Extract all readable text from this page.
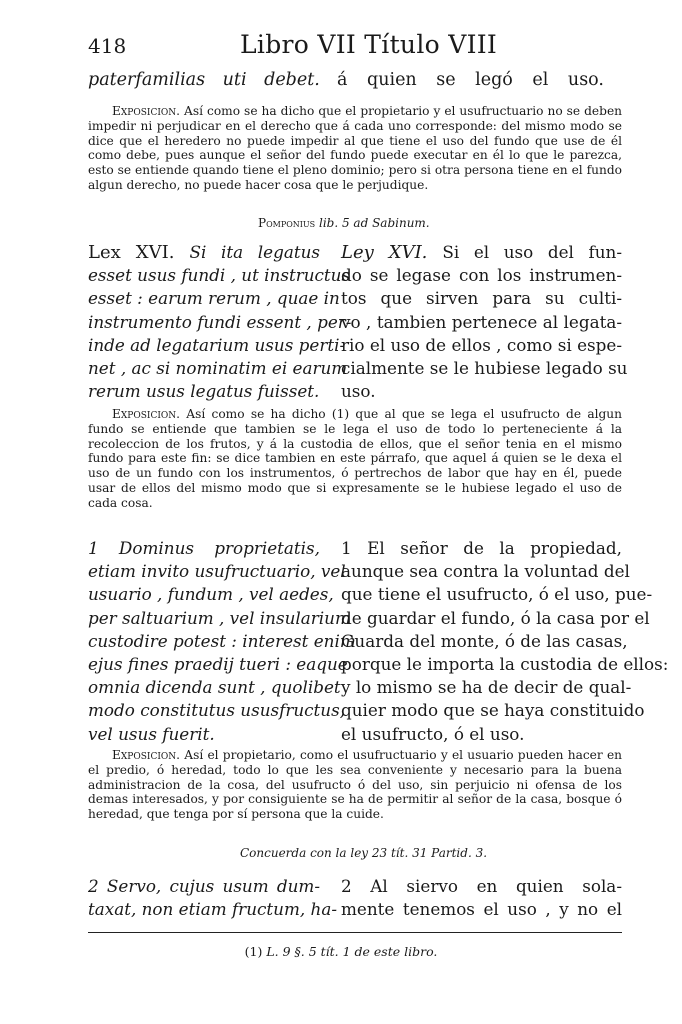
418	Libro VII Título VIII
paterfamilias uti debet. á quien se legó el uso.
Exposicion. Así como se ha dicho que el propietario y el usufructuario no se deben impedir ni perjudicar en el derecho que á cada uno corresponde: del mismo modo se dice que el heredero no puede impedir al que tiene el uso del fundo que use de él como debe, pues aunque el señor del fundo puede executar en él lo que le parezca, esto se entiende quando tiene el pleno dominio; pero si otra persona tiene en el fundo algun derecho, no puede hacer cosa que le perjudique.
Pomponius lib. 5 ad Sabinum.
Lex XVI. Si ita legatus
esset usus fundi , ut instructus
esset : earum rerum , quae in
instrumento fundi essent , per-
inde ad legatarium usus perti-
net , ac si nominatim ei earum
rerum usus legatus fuisset.
Ley XVI. Si el uso del fun-
do se legase con los instrumen-
tos que sirven para su culti-
vo , tambien pertenece al legata-
rio el uso de ellos , como si espe-
cialmente se le hubiese legado su
uso.
Exposicion. Así como se ha dicho (1) que al que se lega el usufructo de algun fundo se entiende que tambien se le lega el uso de todo lo perteneciente á la recoleccion de los frutos, y á la custodia de ellos, que el señor tenia en el mismo fundo para este fin: se dice tambien en este párrafo, que aquel á quien se le dexa el uso de un fundo con los instrumentos, ó pertrechos de labor que hay en él, puede usar de ellos del mismo modo que si expresamente se le hubiese legado el uso de cada cosa.
1 Dominus proprietatis,
etiam invito usufructuario, vel
usuario , fundum , vel aedes,
per saltuarium , vel insularium
custodire potest : interest enim
ejus fines praedij tueri : eaque
omnia dicenda sunt , quolibet
modo constitutus ususfructus,
vel usus fuerit.
1 El señor de la propiedad,
aunque sea contra la voluntad del
que tiene el usufructo, ó el uso, pue-
de guardar el fundo, ó la casa por el
Guarda del monte, ó de las casas,
porque le importa la custodia de ellos:
y lo mismo se ha de decir de qual-
quier modo que se haya constituido
el usufructo, ó el uso.
Exposicion. Así el propietario, como el usufructuario y el usuario pueden hacer en el predio, ó heredad, todo lo que les sea conveniente y necesario para la buena administracion de la cosa, del usufructo ó del uso, sin perjuicio ni ofensa de los demas interesados, y por consiguiente se ha de permitir al señor de la casa, bosque ó heredad, que tenga por sí persona que la cuide.
Concuerda con la ley 23 tít. 31 Partid. 3.
2 Servo, cujus usum dum-
taxat, non etiam fructum, ha-
2 Al siervo en quien sola-
mente tenemos el uso , y no el
(1) L. 9 §. 5 tít. 1 de este libro.
